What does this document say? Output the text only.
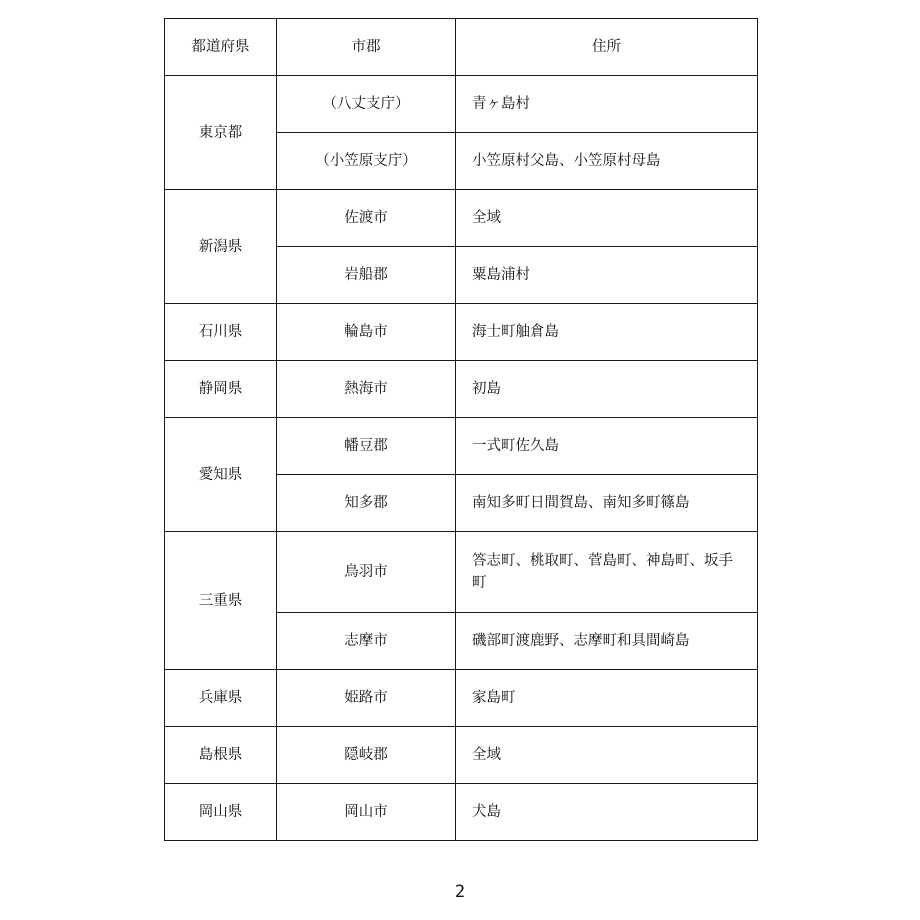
都道府県	市郡	住所
東京都	（八丈支庁）	青ヶ島村
	（小笠原支庁）	小笠原村父島、小笠原村母島
新潟県	佐渡市	全域
	岩船郡	粟島浦村
石川県	輪島市	海士町舳倉島
静岡県	熱海市	初島
愛知県	幡豆郡	一式町佐久島
	知多郡	南知多町日間賀島、南知多町篠島
三重県	鳥羽市	答志町、桃取町、菅島町、神島町、坂手町
	志摩市	磯部町渡鹿野、志摩町和具間崎島
兵庫県	姫路市	家島町
島根県	隠岐郡	全域
岡山県	岡山市	犬島
2
